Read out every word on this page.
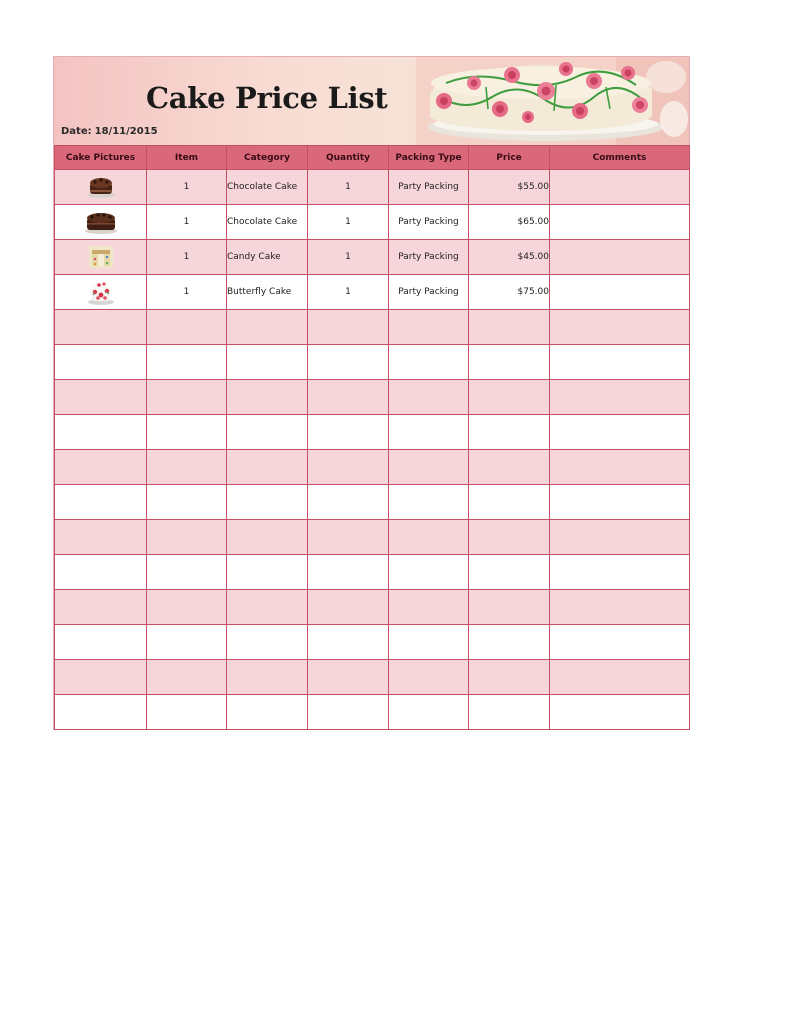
Cake Price List
Date: 18/11/2015
Cake Pictures	Item	Category	Quantity	Packing Type	Price	Comments

	1	Chocolate Cake	1	Party Packing	$55.00	

	1	Chocolate Cake	1	Party Packing	$65.00	

	1	Candy Cake	1	Party Packing	$45.00	

	1	Butterfly Cake	1	Party Packing	$75.00	
